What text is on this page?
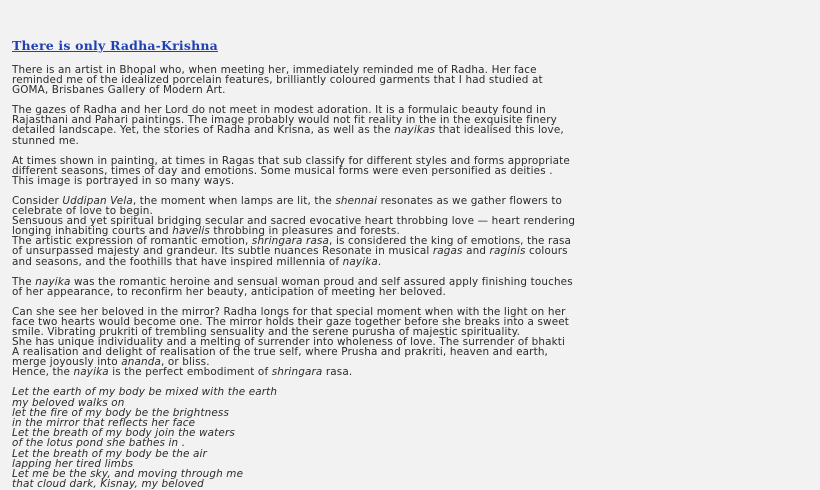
There is only Radha-Krishna

There is an artist in Bhopal who, when meeting her, immediately reminded me of Radha. Her face
reminded me of the idealized porcelain features, brilliantly coloured garments that I had studied at
GOMA, Brisbanes Gallery of Modern Art.

The gazes of Radha and her Lord do not meet in modest adoration. It is a formulaic beauty found in
Rajasthani and Pahari paintings. The image probably would not fit reality in the in the exquisite finery
detailed landscape. Yet, the stories of Radha and Krisna, as well as the nayikas that idealised this love,
stunned me.

At times shown in painting, at times in Ragas that sub classify for different styles and forms appropriate
different seasons, times of day and emotions. Some musical forms were even personified as deities .
This image is portrayed in so many ways.

Consider Uddipan Vela, the moment when lamps are lit, the shennai resonates as we gather flowers to
celebrate of love to begin.
Sensuous and yet spiritual bridging secular and sacred evocative heart throbbing love — heart rendering
longing inhabiting courts and havelis throbbing in pleasures and forests.
The artistic expression of romantic emotion, shringara rasa, is considered the king of emotions, the rasa
of unsurpassed majesty and grandeur. Its subtle nuances Resonate in musical ragas and raginis colours
and seasons, and the foothills that have inspired millennia of nayika.

The nayika was the romantic heroine and sensual woman proud and self assured apply finishing touches
of her appearance, to reconfirm her beauty, anticipation of meeting her beloved.

Can she see her beloved in the mirror? Radha longs for that special moment when with the light on her
face two hearts would become one. The mirror holds their gaze together before she breaks into a sweet
smile. Vibrating prukriti of trembling sensuality and the serene purusha of majestic spirituality.
She has unique individuality and a melting of surrender into wholeness of love. The surrender of bhakti
A realisation and delight of realisation of the true self, where Prusha and prakriti, heaven and earth,
merge joyously into ananda, or bliss.
Hence, the nayika is the perfect embodiment of shringara rasa.

Let the earth of my body be mixed with the earth
my beloved walks on
let the fire of my body be the brightness
in the mirror that reflects her face
Let the breath of my body join the waters
of the lotus pond she bathes in .
Let the breath of my body be the air
lapping her tired limbs
Let me be the sky, and moving through me
that cloud dark, Kisnay, my beloved
